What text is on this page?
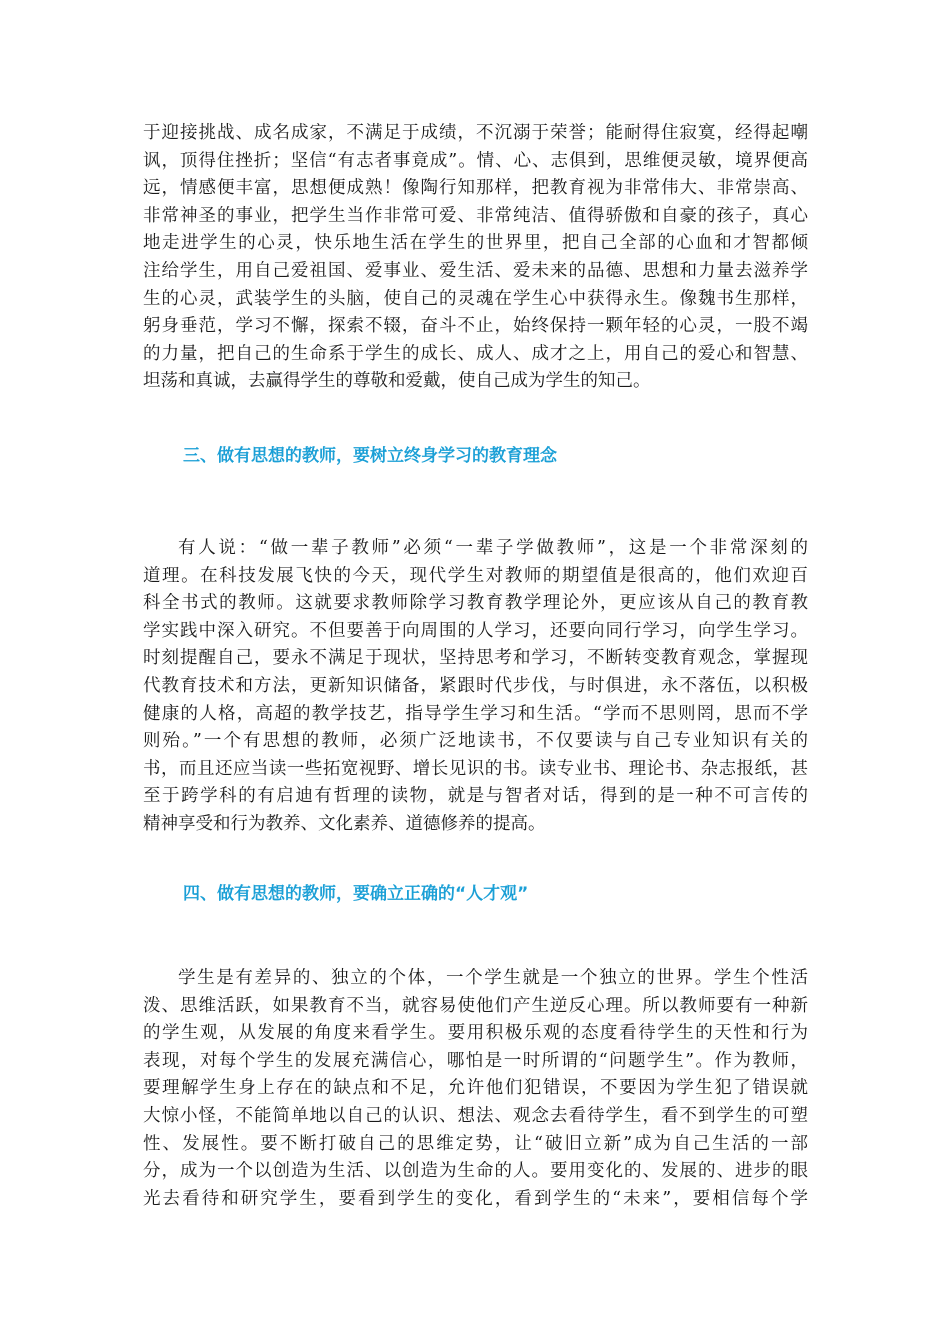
于迎接挑战、成名成家，不满足于成绩，不沉溺于荣誉；能耐得住寂寞，经得起嘲
讽，顶得住挫折；坚信“有志者事竟成”。情、心、志俱到，思维便灵敏，境界便高
远，情感便丰富，思想便成熟！像陶行知那样，把教育视为非常伟大、非常崇高、
非常神圣的事业，把学生当作非常可爱、非常纯洁、值得骄傲和自豪的孩子，真心
地走进学生的心灵，快乐地生活在学生的世界里，把自己全部的心血和才智都倾
注给学生，用自己爱祖国、爱事业、爱生活、爱未来的品德、思想和力量去滋养学
生的心灵，武装学生的头脑，使自己的灵魂在学生心中获得永生。像魏书生那样，
躬身垂范，学习不懈，探索不辍，奋斗不止，始终保持一颗年轻的心灵，一股不竭
的力量，把自己的生命系于学生的成长、成人、成才之上，用自己的爱心和智慧、
坦荡和真诚，去赢得学生的尊敬和爱戴，使自己成为学生的知己。
三、做有思想的教师，要树立终身学习的教育理念
有人说：“做一辈子教师”必须“一辈子学做教师”，这是一个非常深刻的
道理。在科技发展飞快的今天，现代学生对教师的期望值是很高的，他们欢迎百
科全书式的教师。这就要求教师除学习教育教学理论外，更应该从自己的教育教
学实践中深入研究。不但要善于向周围的人学习，还要向同行学习，向学生学习。
时刻提醒自己，要永不满足于现状，坚持思考和学习，不断转变教育观念，掌握现
代教育技术和方法，更新知识储备，紧跟时代步伐，与时俱进，永不落伍，以积极
健康的人格，高超的教学技艺，指导学生学习和生活。“学而不思则罔，思而不学
则殆。”一个有思想的教师，必须广泛地读书，不仅要读与自己专业知识有关的
书，而且还应当读一些拓宽视野、增长见识的书。读专业书、理论书、杂志报纸，甚
至于跨学科的有启迪有哲理的读物，就是与智者对话，得到的是一种不可言传的
精神享受和行为教养、文化素养、道德修养的提高。
四、做有思想的教师，要确立正确的“人才观”
学生是有差异的、独立的个体，一个学生就是一个独立的世界。学生个性活
泼、思维活跃，如果教育不当，就容易使他们产生逆反心理。所以教师要有一种新
的学生观，从发展的角度来看学生。要用积极乐观的态度看待学生的天性和行为
表现，对每个学生的发展充满信心，哪怕是一时所谓的“问题学生”。作为教师，
要理解学生身上存在的缺点和不足，允许他们犯错误，不要因为学生犯了错误就
大惊小怪，不能简单地以自己的认识、想法、观念去看待学生，看不到学生的可塑
性、发展性。要不断打破自己的思维定势，让“破旧立新”成为自己生活的一部
分，成为一个以创造为生活、以创造为生命的人。要用变化的、发展的、进步的眼
光去看待和研究学生，要看到学生的变化，看到学生的“未来”，要相信每个学
